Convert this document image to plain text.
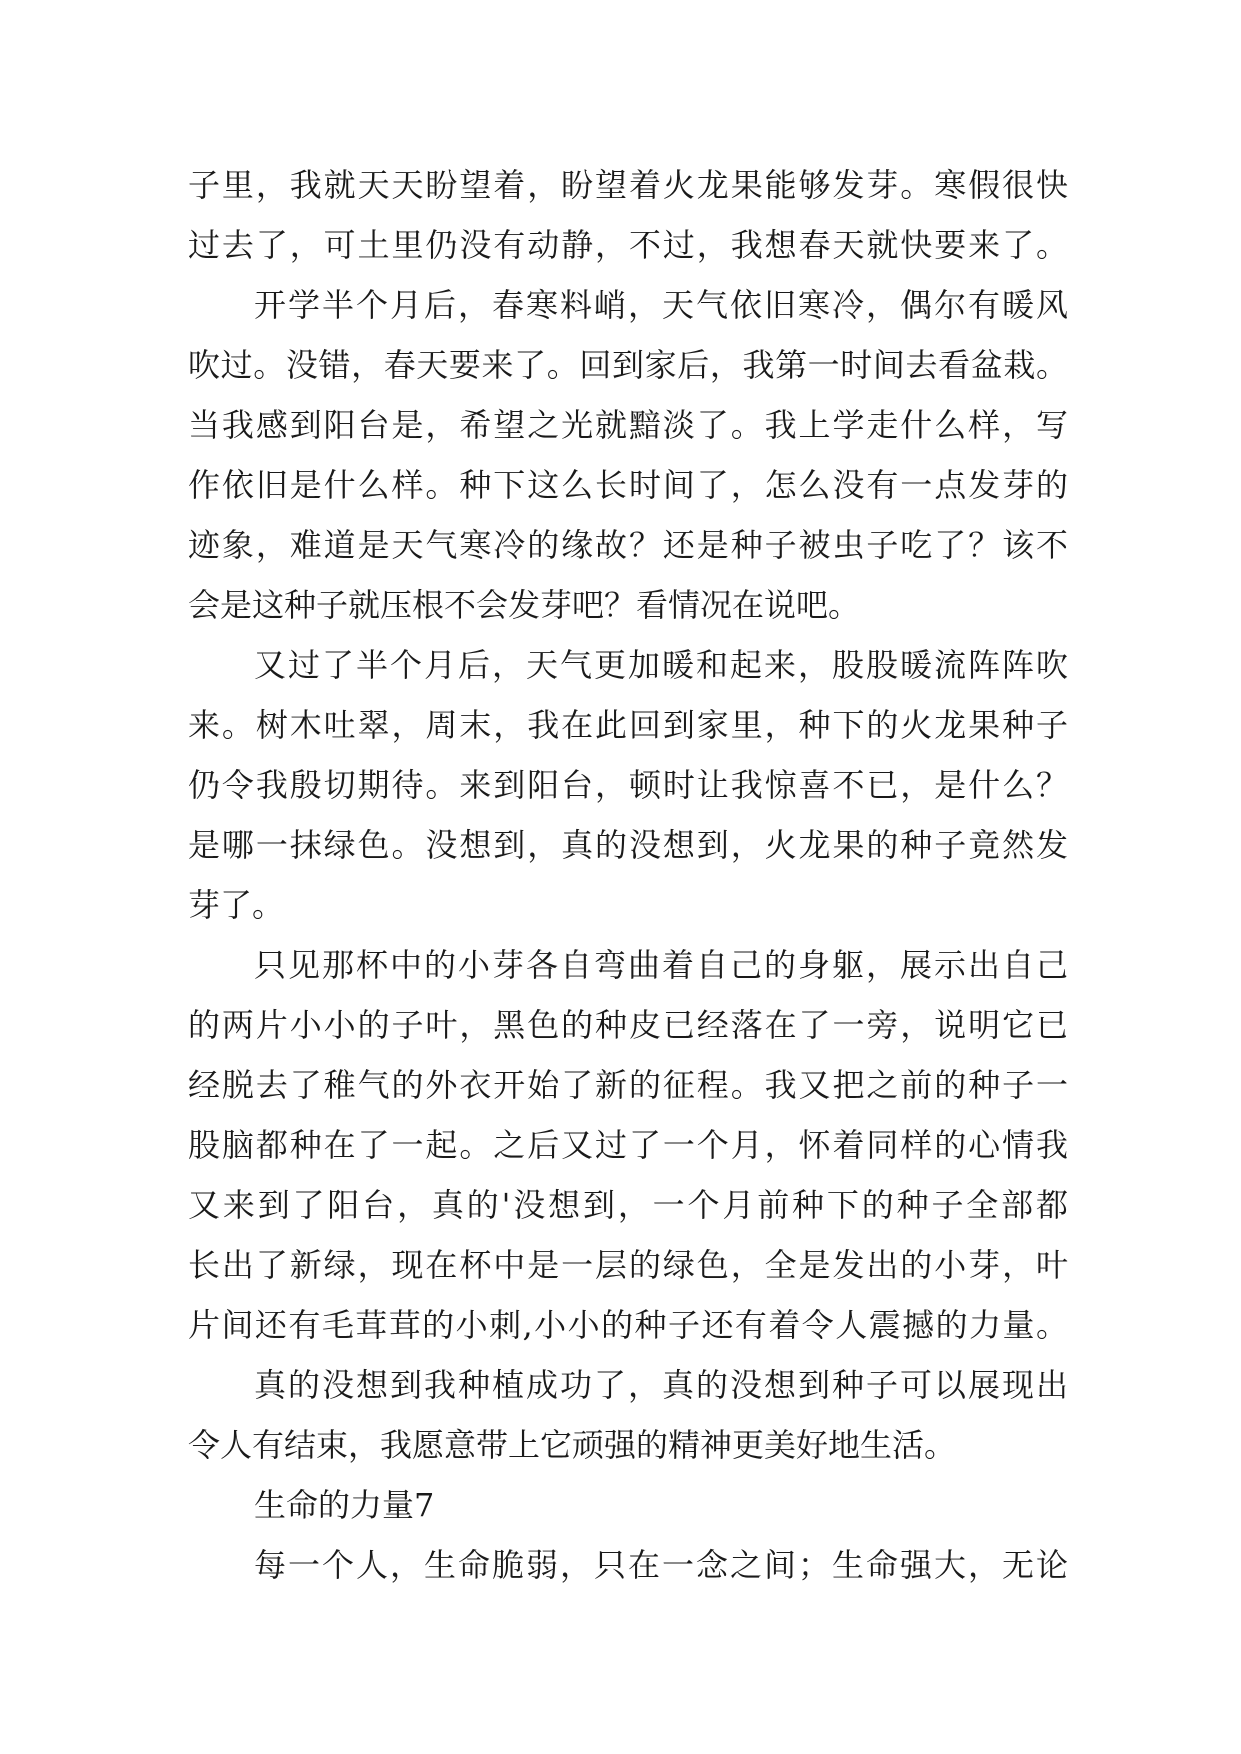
子里，我就天天盼望着，盼望着火龙果能够发芽。寒假很快
过去了，可土里仍没有动静，不过，我想春天就快要来了。
开学半个月后，春寒料峭，天气依旧寒冷，偶尔有暖风
吹过。没错，春天要来了。回到家后，我第一时间去看盆栽。
当我感到阳台是，希望之光就黯淡了。我上学走什么样，写
作依旧是什么样。种下这么长时间了，怎么没有一点发芽的
迹象，难道是天气寒冷的缘故？还是种子被虫子吃了？该不
会是这种子就压根不会发芽吧？看情况在说吧。
又过了半个月后，天气更加暖和起来，股股暖流阵阵吹
来。树木吐翠，周末，我在此回到家里，种下的火龙果种子
仍令我殷切期待。来到阳台，顿时让我惊喜不已，是什么？
是哪一抹绿色。没想到，真的没想到，火龙果的种子竟然发
芽了。
只见那杯中的小芽各自弯曲着自己的身躯，展示出自己
的两片小小的子叶，黑色的种皮已经落在了一旁，说明它已
经脱去了稚气的外衣开始了新的征程。我又把之前的种子一
股脑都种在了一起。之后又过了一个月，怀着同样的心情我
又来到了阳台，真的'没想到，一个月前种下的种子全部都
长出了新绿，现在杯中是一层的绿色，全是发出的小芽，叶
片间还有毛茸茸的小刺,小小的种子还有着令人震撼的力量。
真的没想到我种植成功了，真的没想到种子可以展现出
令人有结束，我愿意带上它顽强的精神更美好地生活。
生命的力量7
每一个人，生命脆弱，只在一念之间；生命强大，无论
